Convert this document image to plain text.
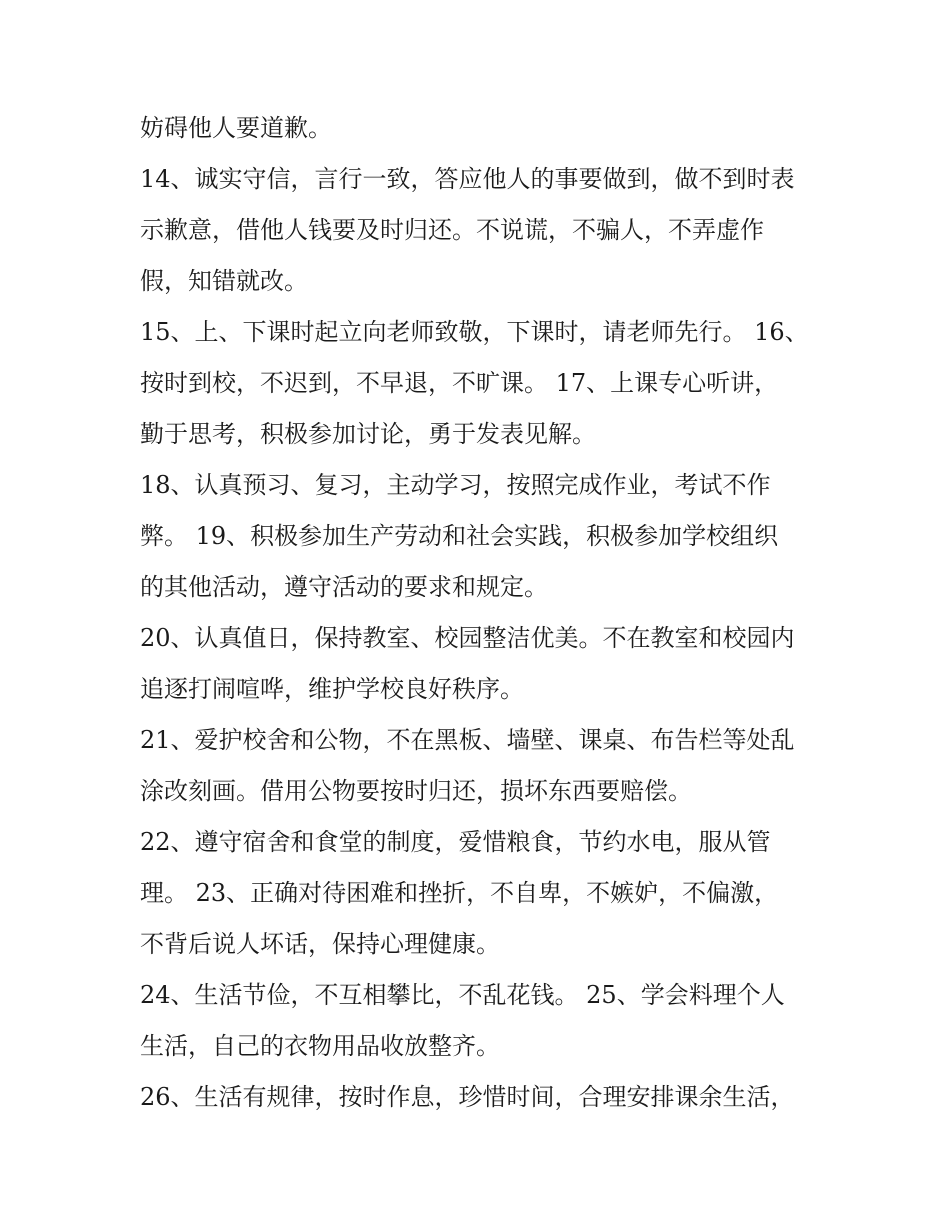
妨碍他人要道歉。
14、诚实守信，言行一致，答应他人的事要做到，做不到时表
示歉意，借他人钱要及时归还。不说谎，不骗人，不弄虚作
假，知错就改。
15、上、下课时起立向老师致敬，下课时，请老师先行。 16、
按时到校，不迟到，不早退，不旷课。 17、上课专心听讲，
勤于思考，积极参加讨论，勇于发表见解。
18、认真预习、复习，主动学习，按照完成作业，考试不作
弊。 19、积极参加生产劳动和社会实践，积极参加学校组织
的其他活动，遵守活动的要求和规定。
20、认真值日，保持教室、校园整洁优美。不在教室和校园内
追逐打闹喧哗，维护学校良好秩序。
21、爱护校舍和公物，不在黑板、墙壁、课桌、布告栏等处乱
涂改刻画。借用公物要按时归还，损坏东西要赔偿。
22、遵守宿舍和食堂的制度，爱惜粮食，节约水电，服从管
理。 23、正确对待困难和挫折，不自卑，不嫉妒，不偏激，
不背后说人坏话，保持心理健康。
24、生活节俭，不互相攀比，不乱花钱。 25、学会料理个人
生活，自己的衣物用品收放整齐。
26、生活有规律，按时作息，珍惜时间，合理安排课余生活，
